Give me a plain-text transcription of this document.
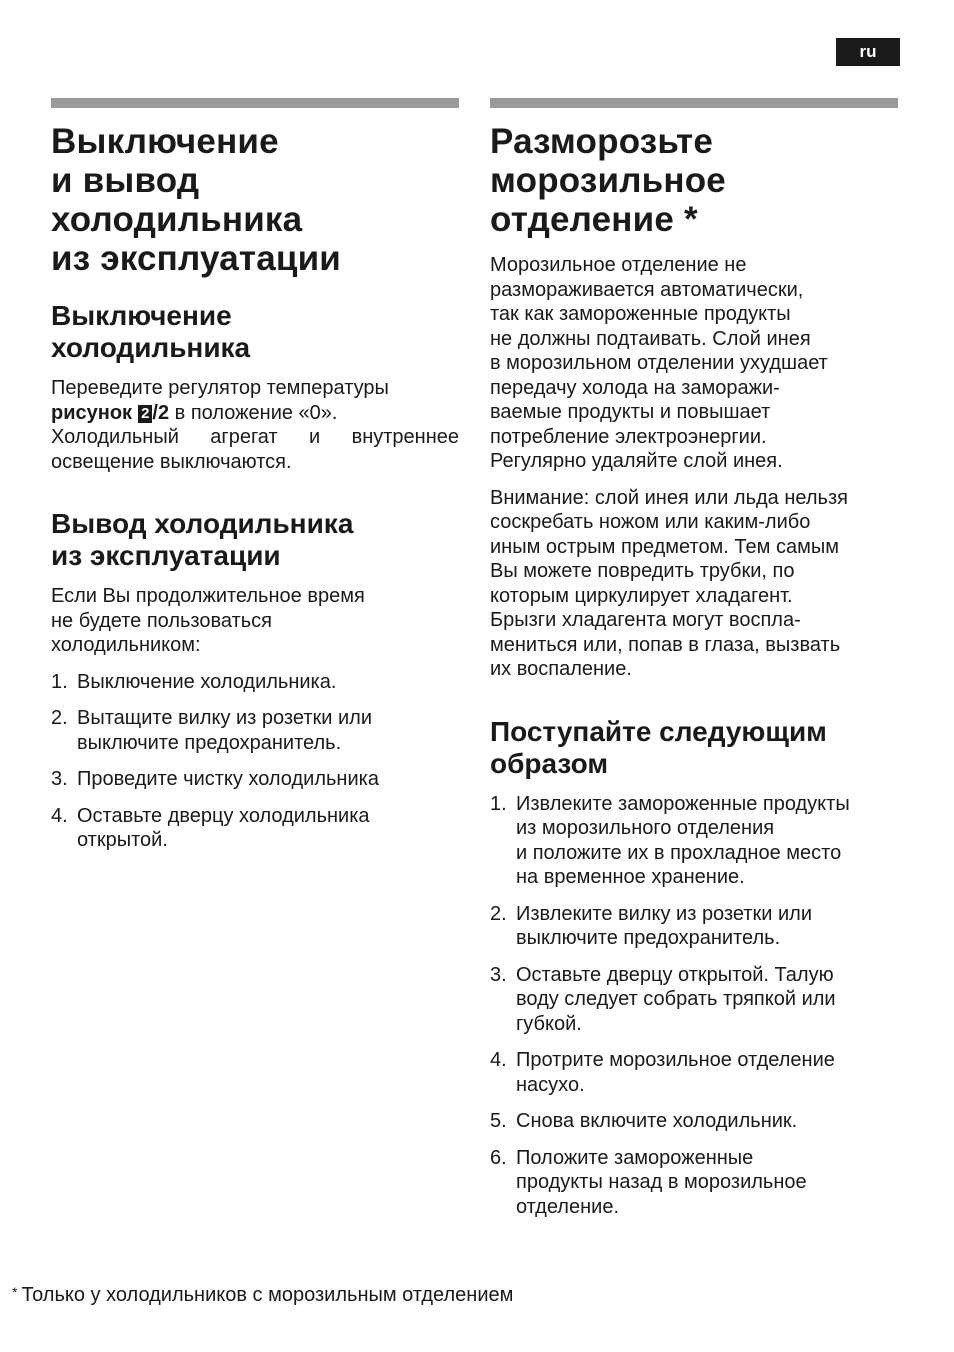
ru
Выключение
и вывод
холодильника
из эксплуатации
Выключение
холодильника

Переведите регулятор температуры
рисунок 2 /2 в положение «0».
Холодильный агрегат и внутреннее освещение выключаются.

Вывод холодильника
из эксплуатации

Если Вы продолжительное время
не будете пользоваться
холодильником:

1. Выключение холодильника.
2. Вытащите вилку из розетки или
выключите предохранитель.
3. Проведите чистку холодильника
4. Оставьте дверцу холодильника
открытой.
Разморозьте
морозильное
отделение *

Морозильное отделение не
размораживается автоматически,
так как замороженные продукты
не должны подтаивать. Слой инея
в морозильном отделении ухудшает
передачу холода на заморажи-
ваемые продукты и повышает
потребление электроэнергии.
Регулярно удаляйте слой инея.

Внимание: слой инея или льда нельзя
соскребать ножом или каким-либо
иным острым предметом. Тем самым
Вы можете повредить трубки, по
которым циркулирует хладагент.
Брызги хладагента могут воспла-
мениться или, попав в глаза, вызвать
их воспаление.

Поступайте следующим
образом
1. Извлеките замороженные продукты
из морозильного отделения
и положите их в прохладное место
на временное хранение.
2. Извлеките вилку из розетки или
выключите предохранитель.
3. Оставьте дверцу открытой. Талую
воду следует собрать тряпкой или
губкой.
4. Протрите морозильное отделение
насухо.
5. Снова включите холодильник.
6. Положите замороженные
продукты назад в морозильное
отделение.
* Только у холодильников с морозильным отделением
